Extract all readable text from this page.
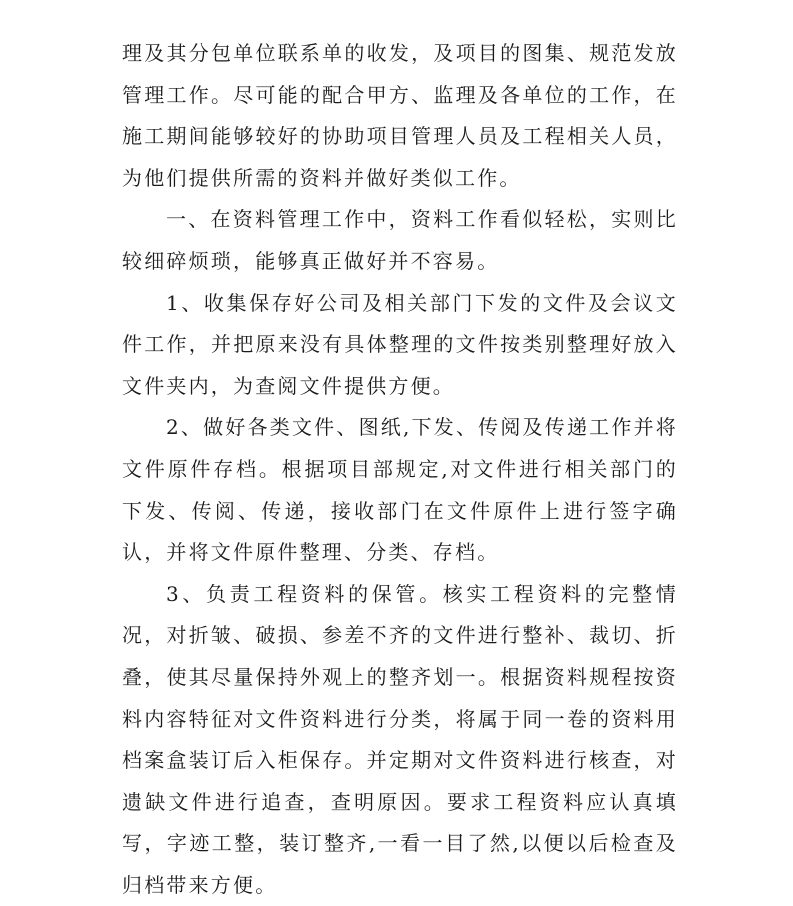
理及其分包单位联系单的收发，及项目的图集、规范发放管理工作。尽可能的配合甲方、监理及各单位的工作，在施工期间能够较好的协助项目管理人员及工程相关人员，为他们提供所需的资料并做好类似工作。

一、在资料管理工作中，资料工作看似轻松，实则比较细碎烦琐，能够真正做好并不容易。

1、收集保存好公司及相关部门下发的文件及会议文件工作，并把原来没有具体整理的文件按类别整理好放入文件夹内，为查阅文件提供方便。

2、做好各类文件、图纸,下发、传阅及传递工作并将文件原件存档。根据项目部规定,对文件进行相关部门的下发、传阅、传递，接收部门在文件原件上进行签字确认，并将文件原件整理、分类、存档。

3、负责工程资料的保管。核实工程资料的完整情况，对折皱、破损、参差不齐的文件进行整补、裁切、折叠，使其尽量保持外观上的整齐划一。根据资料规程按资料内容特征对文件资料进行分类，将属于同一卷的资料用档案盒装订后入柜保存。并定期对文件资料进行核查，对遗缺文件进行追查，查明原因。要求工程资料应认真填写，字迹工整，装订整齐,一看一目了然,以便以后检查及归档带来方便。
